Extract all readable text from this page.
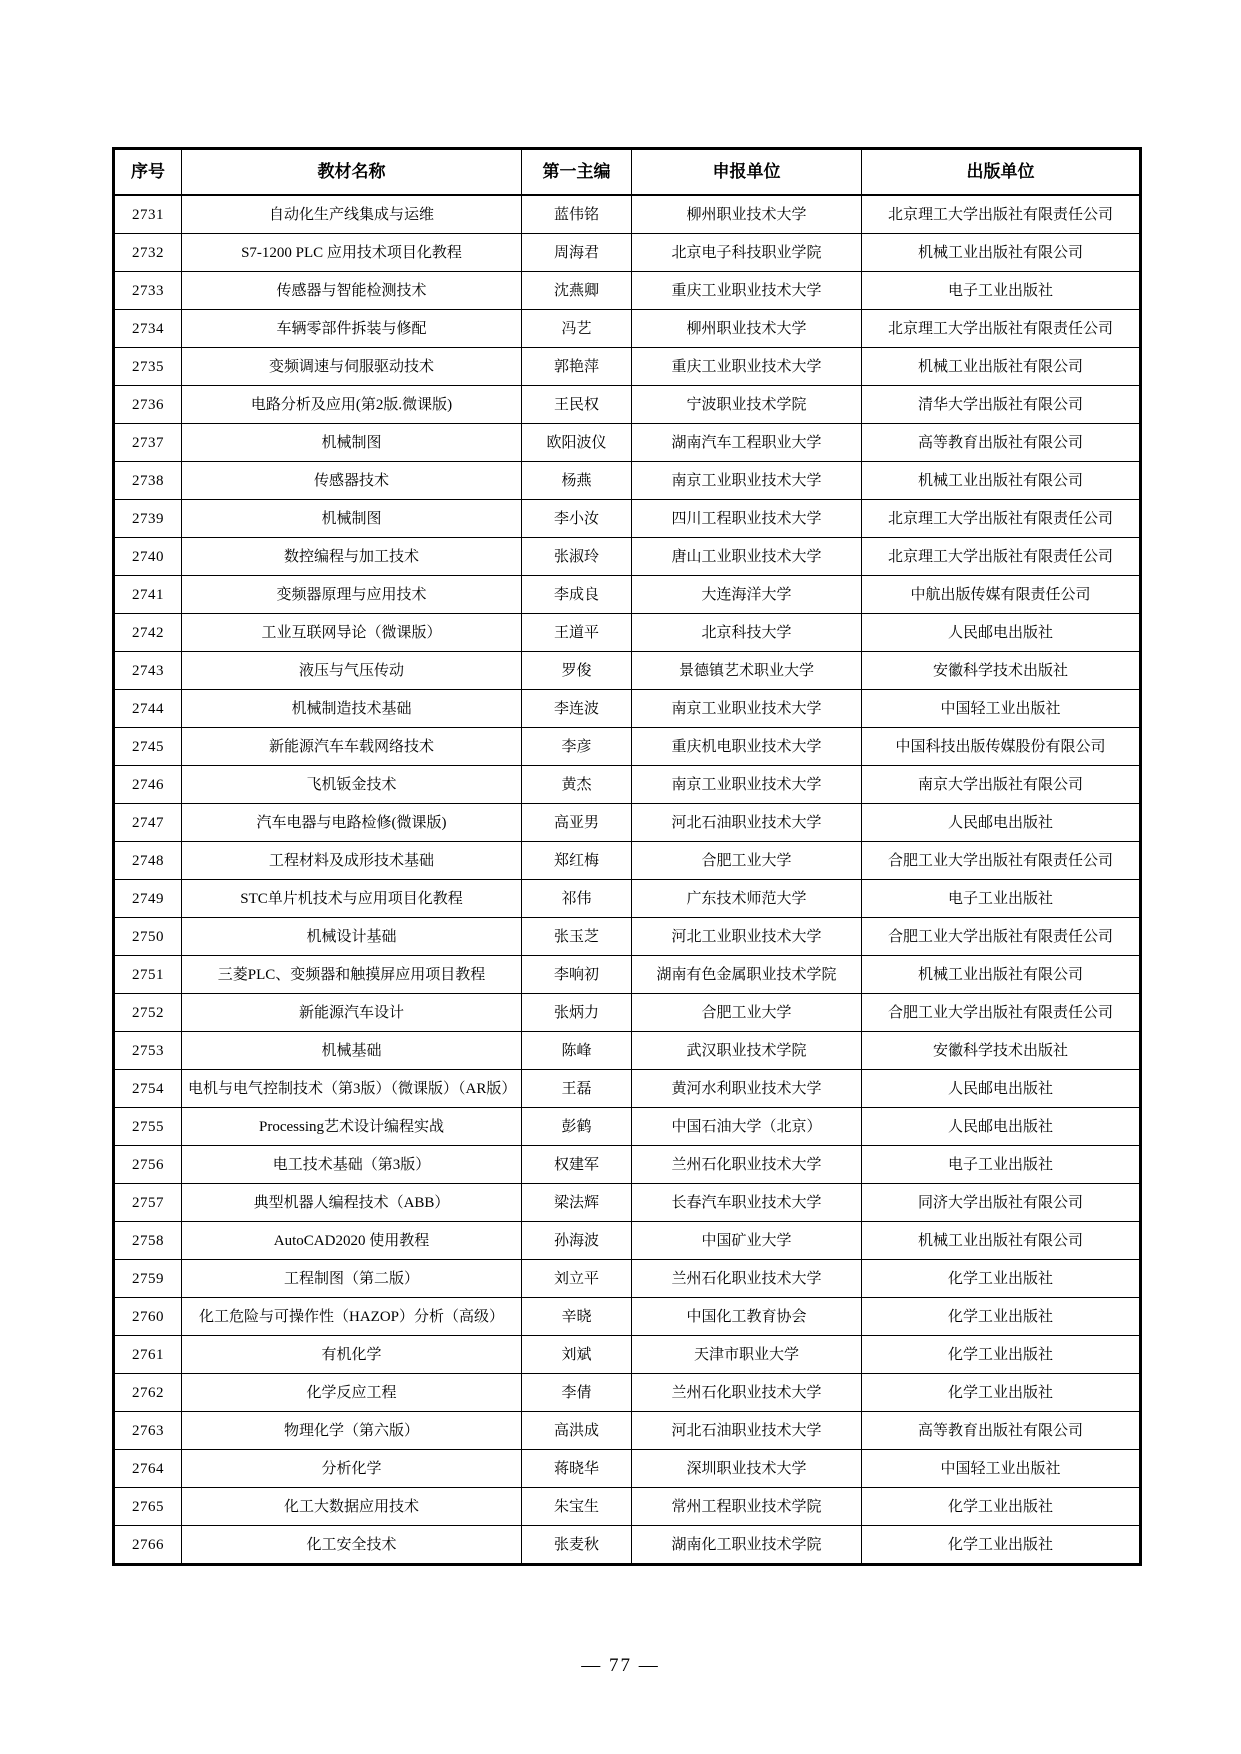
序号	教材名称	第一主编	申报单位	出版单位
2731	自动化生产线集成与运维	蓝伟铭	柳州职业技术大学	北京理工大学出版社有限责任公司
2732	S7-1200 PLC 应用技术项目化教程	周海君	北京电子科技职业学院	机械工业出版社有限公司
2733	传感器与智能检测技术	沈燕卿	重庆工业职业技术大学	电子工业出版社
2734	车辆零部件拆装与修配	冯艺	柳州职业技术大学	北京理工大学出版社有限责任公司
2735	变频调速与伺服驱动技术	郭艳萍	重庆工业职业技术大学	机械工业出版社有限公司
2736	电路分析及应用(第2版.微课版)	王民权	宁波职业技术学院	清华大学出版社有限公司
2737	机械制图	欧阳波仪	湖南汽车工程职业大学	高等教育出版社有限公司
2738	传感器技术	杨燕	南京工业职业技术大学	机械工业出版社有限公司
2739	机械制图	李小汝	四川工程职业技术大学	北京理工大学出版社有限责任公司
2740	数控编程与加工技术	张淑玲	唐山工业职业技术大学	北京理工大学出版社有限责任公司
2741	变频器原理与应用技术	李成良	大连海洋大学	中航出版传媒有限责任公司
2742	工业互联网导论（微课版）	王道平	北京科技大学	人民邮电出版社
2743	液压与气压传动	罗俊	景德镇艺术职业大学	安徽科学技术出版社
2744	机械制造技术基础	李连波	南京工业职业技术大学	中国轻工业出版社
2745	新能源汽车车载网络技术	李彦	重庆机电职业技术大学	中国科技出版传媒股份有限公司
2746	飞机钣金技术	黄杰	南京工业职业技术大学	南京大学出版社有限公司
2747	汽车电器与电路检修(微课版)	高亚男	河北石油职业技术大学	人民邮电出版社
2748	工程材料及成形技术基础	郑红梅	合肥工业大学	合肥工业大学出版社有限责任公司
2749	STC单片机技术与应用项目化教程	祁伟	广东技术师范大学	电子工业出版社
2750	机械设计基础	张玉芝	河北工业职业技术大学	合肥工业大学出版社有限责任公司
2751	三菱PLC、变频器和触摸屏应用项目教程	李响初	湖南有色金属职业技术学院	机械工业出版社有限公司
2752	新能源汽车设计	张炳力	合肥工业大学	合肥工业大学出版社有限责任公司
2753	机械基础	陈峰	武汉职业技术学院	安徽科学技术出版社
2754	电机与电气控制技术（第3版）（微课版）（AR版）	王磊	黄河水利职业技术大学	人民邮电出版社
2755	Processing艺术设计编程实战	彭鹤	中国石油大学（北京）	人民邮电出版社
2756	电工技术基础（第3版）	权建军	兰州石化职业技术大学	电子工业出版社
2757	典型机器人编程技术（ABB）	梁法辉	长春汽车职业技术大学	同济大学出版社有限公司
2758	AutoCAD2020 使用教程	孙海波	中国矿业大学	机械工业出版社有限公司
2759	工程制图（第二版）	刘立平	兰州石化职业技术大学	化学工业出版社
2760	化工危险与可操作性（HAZOP）分析（高级）	辛晓	中国化工教育协会	化学工业出版社
2761	有机化学	刘斌	天津市职业大学	化学工业出版社
2762	化学反应工程	李倩	兰州石化职业技术大学	化学工业出版社
2763	物理化学（第六版）	高洪成	河北石油职业技术大学	高等教育出版社有限公司
2764	分析化学	蒋晓华	深圳职业技术大学	中国轻工业出版社
2765	化工大数据应用技术	朱宝生	常州工程职业技术学院	化学工业出版社
2766	化工安全技术	张麦秋	湖南化工职业技术学院	化学工业出版社
— 77 —
